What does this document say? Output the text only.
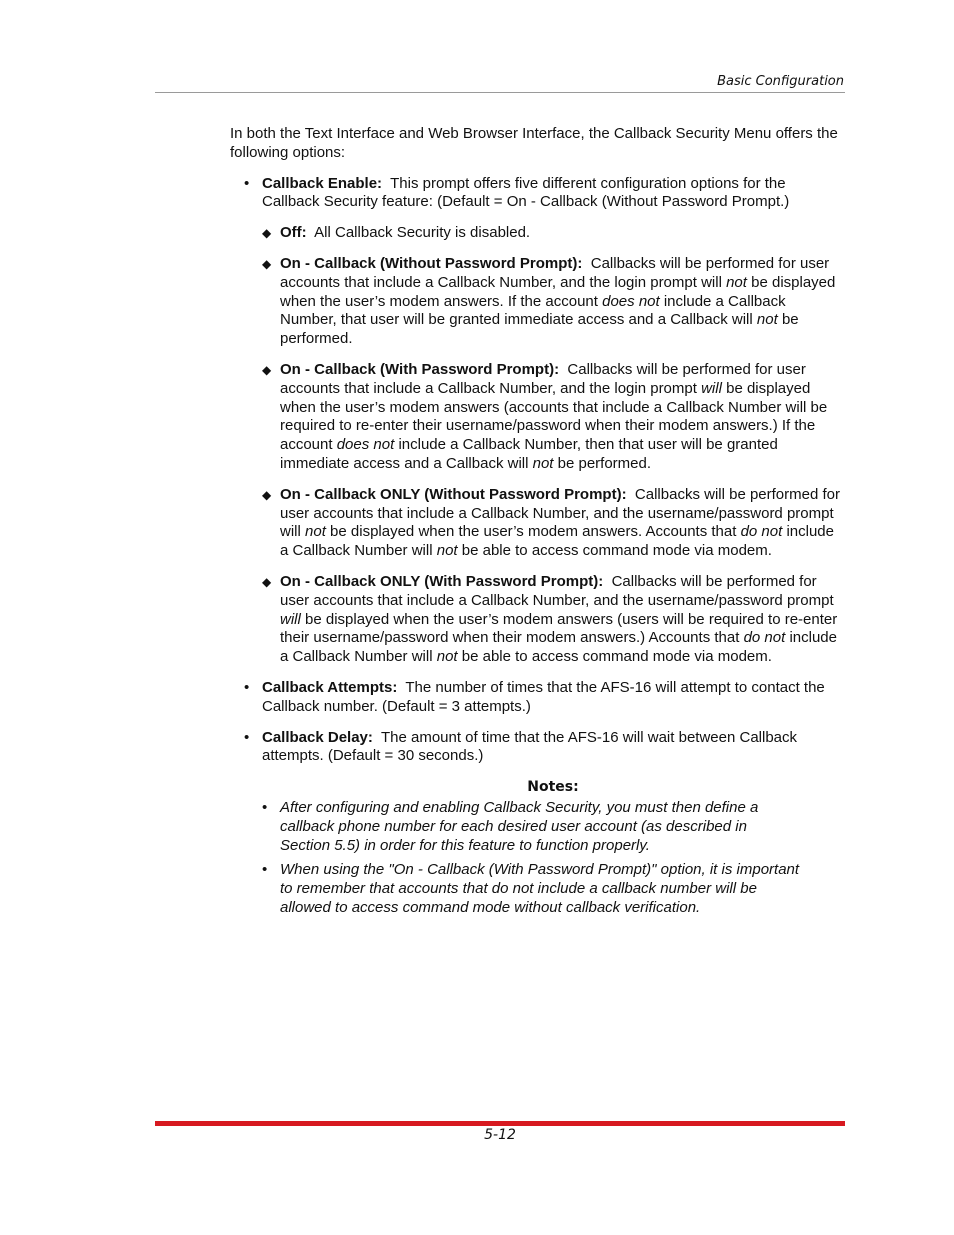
Basic Configuration

In both the Text Interface and Web Browser Interface, the Callback Security Menu offers the following options:

• Callback Enable: This prompt offers five different configuration options for the Callback Security feature: (Default = On - Callback (Without Password Prompt.)
◆ Off: All Callback Security is disabled.
◆ On - Callback (Without Password Prompt): Callbacks will be performed for user accounts that include a Callback Number, and the login prompt will not be displayed when the user’s modem answers. If the account does not include a Callback Number, that user will be granted immediate access and a Callback will not be performed.
◆ On - Callback (With Password Prompt): Callbacks will be performed for user accounts that include a Callback Number, and the login prompt will be displayed when the user’s modem answers (accounts that include a Callback Number will be required to re-enter their username/password when their modem answers.) If the account does not include a Callback Number, then that user will be granted immediate access and a Callback will not be performed.
◆ On - Callback ONLY (Without Password Prompt): Callbacks will be performed for user accounts that include a Callback Number, and the username/password prompt will not be displayed when the user’s modem answers. Accounts that do not include a Callback Number will not be able to access command mode via modem.
◆ On - Callback ONLY (With Password Prompt): Callbacks will be performed for user accounts that include a Callback Number, and the username/password prompt will be displayed when the user’s modem answers (users will be required to re-enter their username/password when their modem answers.) Accounts that do not include a Callback Number will not be able to access command mode via modem.
• Callback Attempts: The number of times that the AFS-16 will attempt to contact the Callback number. (Default = 3 attempts.)
• Callback Delay: The amount of time that the AFS-16 will wait between Callback attempts. (Default = 30 seconds.)
Notes:
• After configuring and enabling Callback Security, you must then define a callback phone number for each desired user account (as described in Section 5.5) in order for this feature to function properly.
• When using the "On - Callback (With Password Prompt)" option, it is important to remember that accounts that do not include a callback number will be allowed to access command mode without callback verification.
5-12
